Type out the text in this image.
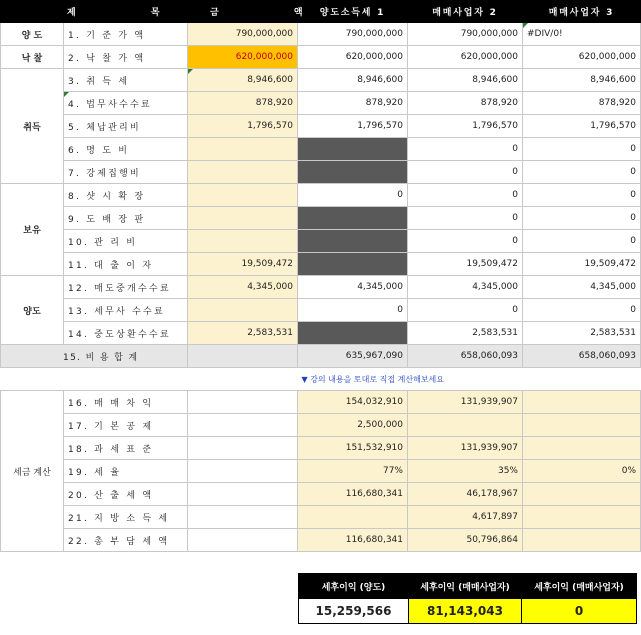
제 목		금 액	양도소득세 1	매매사업자 2	매매사업자 3
양 도	1. 기 준 가 액	790,000,000	790,000,000	790,000,000	#DIV/0!
낙 찰	2. 낙 찰 가 액	620,000,000	620,000,000	620,000,000	620,000,000
취득	3. 취 득 세	8,946,600	8,946,600	8,946,600	8,946,600
	4. 법무사수수료	878,920	878,920	878,920	878,920
	5. 체납관리비	1,796,570	1,796,570	1,796,570	1,796,570
	6. 명 도 비			0	0
	7. 강제집행비			0	0
보유	8. 샷 시 확 장		0	0	0
	9. 도 배 장 판			0	0
	10. 관 리 비			0	0
	11. 대 출 이 자	19,509,472		19,509,472	19,509,472
양도	12. 매도중개수수료	4,345,000	4,345,000	4,345,000	4,345,000
	13. 세무사 수수료		0	0	0
	14. 중도상환수수료	2,583,531		2,583,531	2,583,531
15. 비 용 합 계			635,967,090	658,060,093	658,060,093
			▼ 강의 내용을 토대로 직접 계산해보세요		
세금 계산	16. 매 매 차 익		154,032,910	131,939,907	
	17. 기 본 공 제		2,500,000		
	18. 과 세 표 준		151,532,910	131,939,907	
	19. 세 율		77%	35%	0%
	20. 산 출 세 액		116,680,341	46,178,967	
	21. 지 방 소 득 세			4,617,897	
	22. 총 부 담 세 액		116,680,341	50,796,864	
세후이익 (양도)	세후이익 (매매사업자)	세후이익 (매매사업자)
15,259,566	81,143,043	0
